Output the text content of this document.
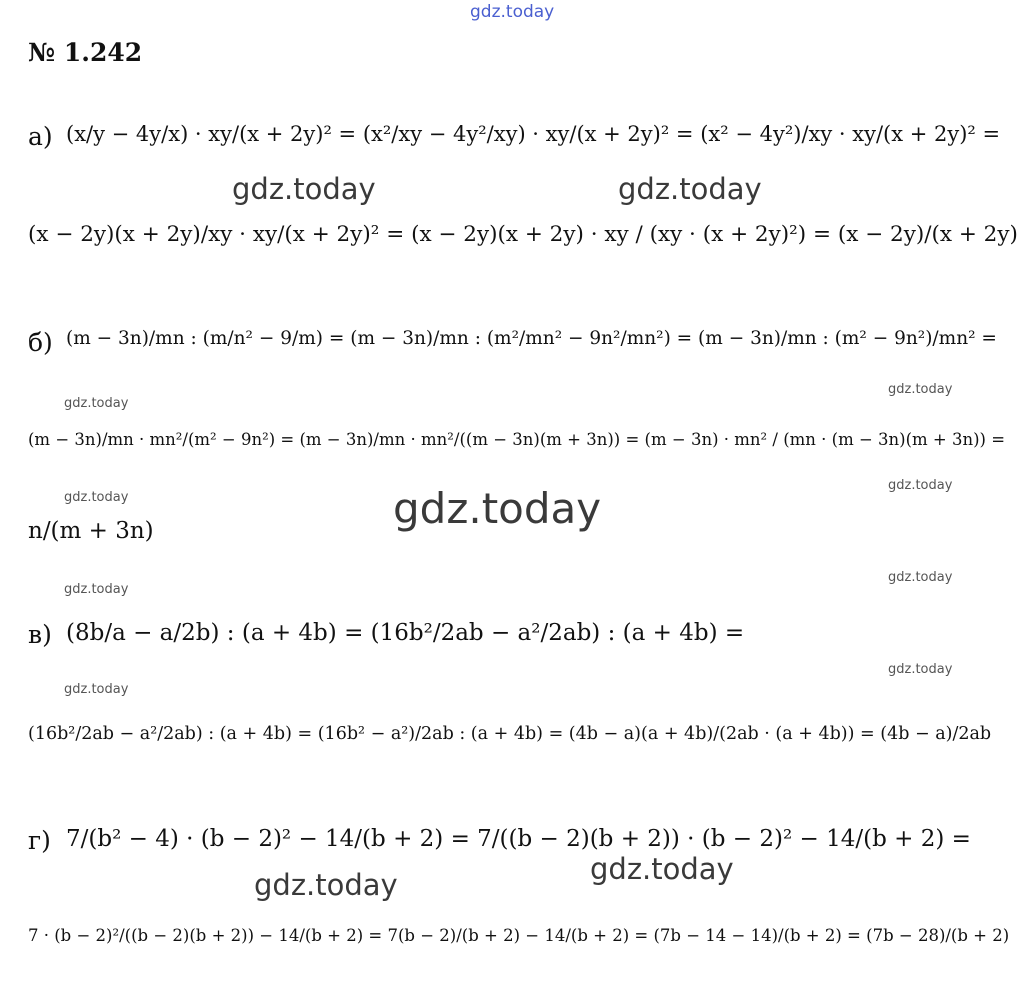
gdz.today
№ 1.242
а) (x/y − 4y/x) · xy/(x + 2y)² = (x²/xy − 4y²/xy) · xy/(x + 2y)² = (x² − 4y²)/xy · xy/(x + 2y)² =
(x − 2y)(x + 2y)/xy · xy/(x + 2y)² = (x − 2y)(x + 2y) · xy / (xy · (x + 2y)²) = (x − 2y)/(x + 2y)
б) (m − 3n)/mn : (m/n² − 9/m) = (m − 3n)/mn : (m²/mn² − 9n²/mn²) = (m − 3n)/mn : (m² − 9n²)/mn² =
(m − 3n)/mn · mn²/(m² − 9n²) = (m − 3n)/mn · mn²/((m − 3n)(m + 3n)) = (m − 3n) · mn² / (mn · (m − 3n)(m + 3n)) =
n/(m + 3n)
в) (8b/a − a/2b) : (a + 4b) = (16b²/2ab − a²/2ab) : (a + 4b) =
(16b²/2ab − a²/2ab) : (a + 4b) = (16b² − a²)/2ab : (a + 4b) = (4b − a)(a + 4b)/(2ab · (a + 4b)) = (4b − a)/2ab
г) 7/(b² − 4) · (b − 2)² − 14/(b + 2) = 7/((b − 2)(b + 2)) · (b − 2)² − 14/(b + 2) =
7 · (b − 2)²/((b − 2)(b + 2)) − 14/(b + 2) = 7(b − 2)/(b + 2) − 14/(b + 2) = (7b − 14 − 14)/(b + 2) = (7b − 28)/(b + 2)
gdz.today	gdz.today
gdz.today
gdz.today	gdz.today
gdz.today
gdz.today
gdz.today
gdz.today
gdz.today
gdz.today
gdz.today
gdz.today
